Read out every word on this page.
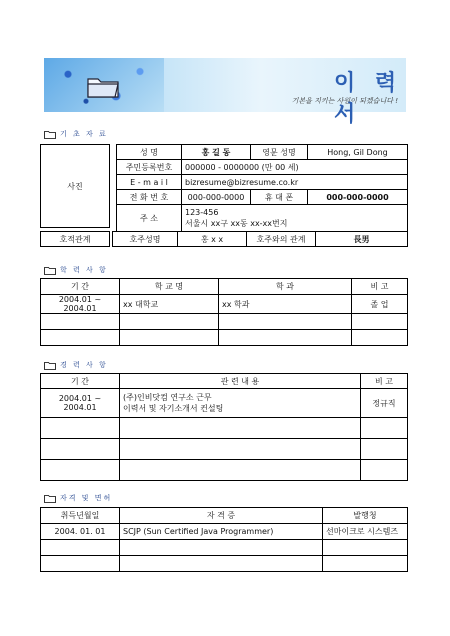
이 력 서
기본을 지키는 사원이 되겠습니다 !
기 초 자 료
사진
성 명	홍 길 동	영문 성명	Hong, Gil Dong
주민등록번호	000000 - 0000000 (만 00 세)		
E - m a i l	bizresume@bizresume.co.kr		
전 화 번 호	000-000-0000	휴 대 폰	000-000-0000
주 소	123-456
서울시 xx구 xx동 xx-xx번지		
호적관계		호주성명	홍 x x	호주와의 관계	長男
학 력 사 항
기 간	학 교 명	학 과	비 고
2004.01 ~ 2004.01	xx 대학교	xx 학과	졸 업

경 력 사 항
기 간	관 련 내 용	비 고
2004.01 ~ 2004.01	(주)인비닷컴 연구소 근무
이력서 및 자기소개서 컨설팅	정규직

자격 및 면허
취득년월일	자 격 증	발행청
2004. 01. 01	SCJP (Sun Certified Java Programmer)	선마이크로 시스템즈
